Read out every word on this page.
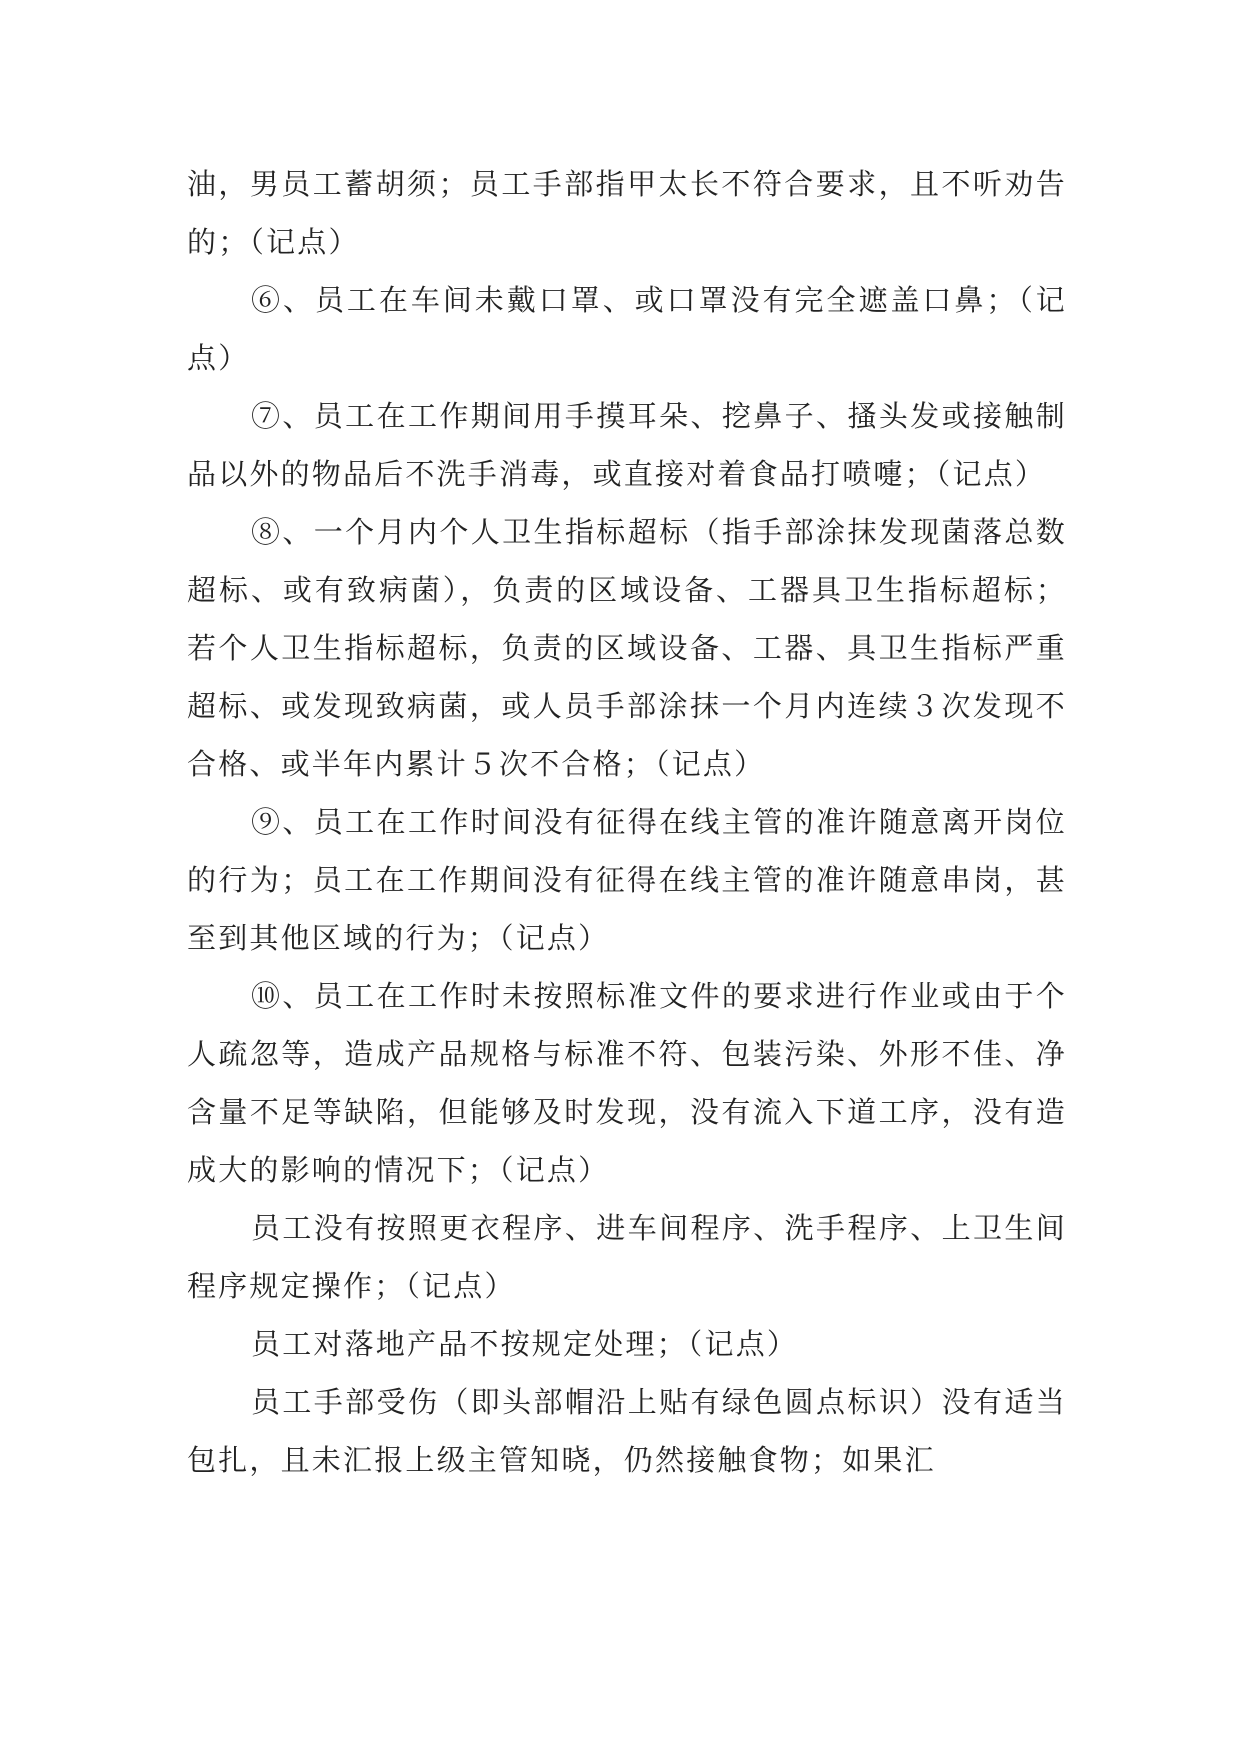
油，男员工蓄胡须；员工手部指甲太长不符合要求，且不听劝告的；（记点）

⑥、员工在车间未戴口罩、或口罩没有完全遮盖口鼻；（记点）

⑦、员工在工作期间用手摸耳朵、挖鼻子、搔头发或接触制品以外的物品后不洗手消毒，或直接对着食品打喷嚏；（记点）

⑧、一个月内个人卫生指标超标（指手部涂抹发现菌落总数超标、或有致病菌），负责的区域设备、工器具卫生指标超标；若个人卫生指标超标，负责的区域设备、工器、具卫生指标严重超标、或发现致病菌，或人员手部涂抹一个月内连续３次发现不合格、或半年内累计５次不合格；（记点）

⑨、员工在工作时间没有征得在线主管的准许随意离开岗位的行为；员工在工作期间没有征得在线主管的准许随意串岗，甚至到其他区域的行为；（记点）

⑩、员工在工作时未按照标准文件的要求进行作业或由于个人疏忽等，造成产品规格与标准不符、包装污染、外形不佳、净含量不足等缺陷，但能够及时发现，没有流入下道工序，没有造成大的影响的情况下；（记点）

员工没有按照更衣程序、进车间程序、洗手程序、上卫生间程序规定操作；（记点）

员工对落地产品不按规定处理；（记点）

员工手部受伤（即头部帽沿上贴有绿色圆点标识）没有适当包扎，且未汇报上级主管知晓，仍然接触食物；如果汇
